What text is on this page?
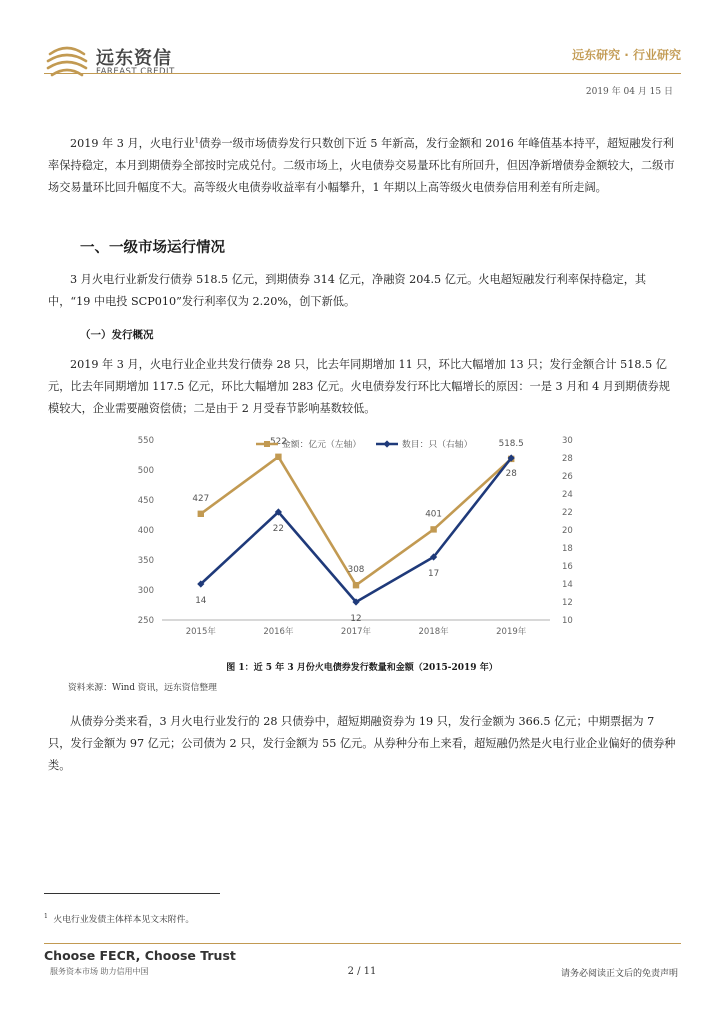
远东资信
FAREAST CREDIT
远东研究 · 行业研究
2019 年 04 月 15 日

2019 年 3 月，火电行业$^1$债券一级市场债券发行只数创下近 5 年新高，发行金额和 2016 年峰值基本持平，超短融发行利率保持稳定，本月到期债券全部按时完成兑付。二级市场上，火电债券交易量环比有所回升，但因净新增债券金额较大，二级市场交易量环比回升幅度不大。高等级火电债券收益率有小幅攀升，1 年期以上高等级火电债券信用利差有所走阔。

一、一级市场运行情况

3 月火电行业新发行债券 518.5 亿元，到期债券 314 亿元，净融资 204.5 亿元。火电超短融发行利率保持稳定，其中，“19 中电投 SCP010”发行利率仅为 2.20%，创下新低。

（一）发行概况

2019 年 3 月，火电行业企业共发行债券 28 只，比去年同期增加 11 只，环比大幅增加 13 只；发行金额合计 518.5 亿元，比去年同期增加 117.5 亿元，环比大幅增加 283 亿元。火电债券发行环比大幅增长的原因：一是 3 月和 4 月到期债券规模较大，企业需要融资偿债；二是由于 2 月受春节影响基数较低。

250
300
350
400
450
500
550
10
12
14
16
18
20
22
24
26
28
30
2015年	2016年	2017年	2018年	2019年
427
522
308
401
518.5
14
22
12
17
28
金额：亿元（左轴）	数目：只（右轴）
图 1：近 5 年 3 月份火电债券发行数量和金额（2015-2019 年）
资料来源：Wind 资讯，远东资信整理

从债券分类来看，3 月火电行业发行的 28 只债券中，超短期融资券为 19 只，发行金额为 366.5 亿元；中期票据为 7 只，发行金额为 97 亿元；公司债为 2 只，发行金额为 55 亿元。从券种分布上来看，超短融仍然是火电行业企业偏好的债券种类。

$^1$ 火电行业发债主体样本见文末附件。
Choose FECR, Choose Trust
服务资本市场 助力信用中国	2 / 11	请务必阅读正文后的免责声明
